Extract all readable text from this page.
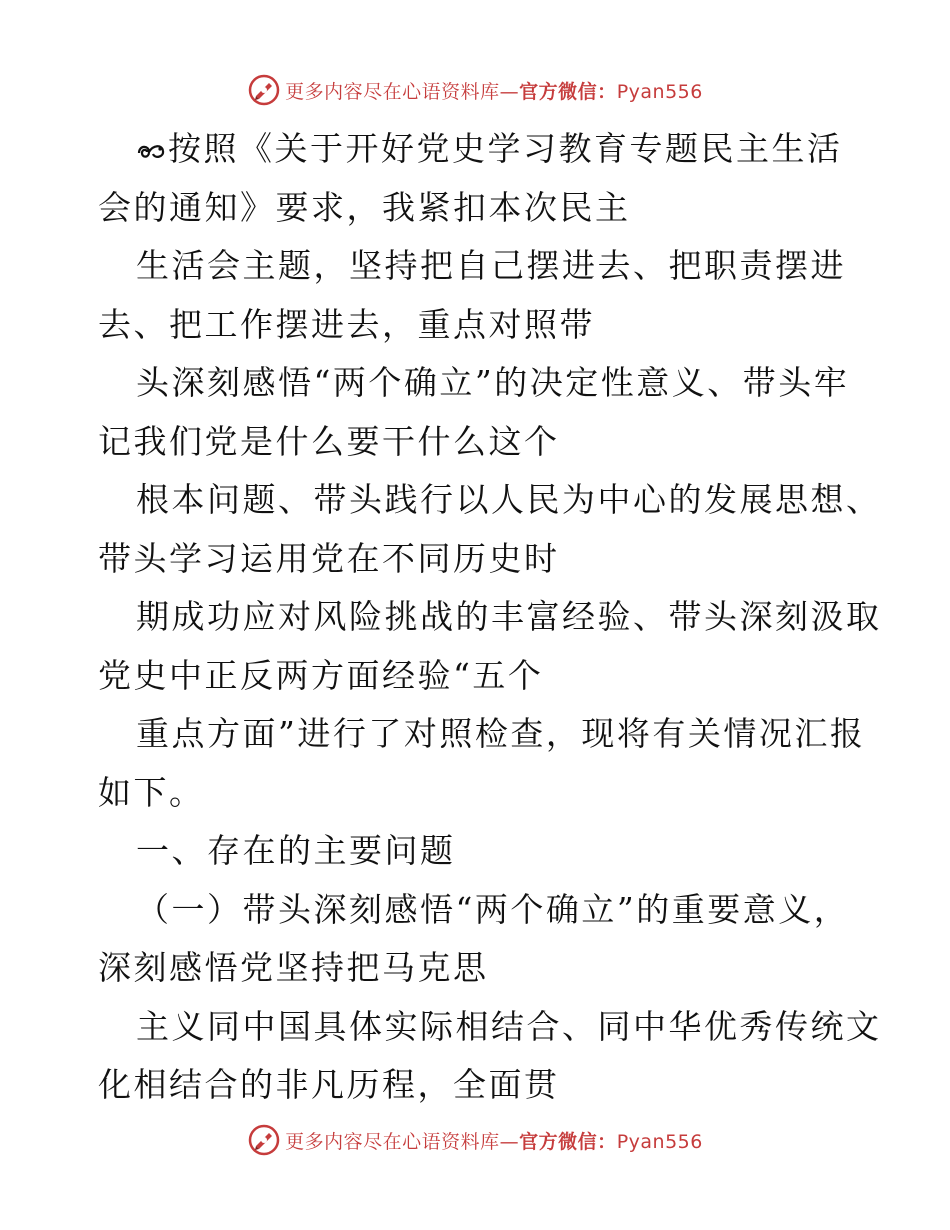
更多内容尽在心语资料库—官方微信：Pyan556
按照《关于开好党史学习教育专题民主生活
会的通知》要求，我紧扣本次民主
生活会主题，坚持把自己摆进去、把职责摆进
去、把工作摆进去，重点对照带
头深刻感悟“两个确立”的决定性意义、带头牢
记我们党是什么要干什么这个
根本问题、带头践行以人民为中心的发展思想、
带头学习运用党在不同历史时
期成功应对风险挑战的丰富经验、带头深刻汲取
党史中正反两方面经验“五个
重点方面”进行了对照检查，现将有关情况汇报
如下。
一、存在的主要问题
（一）带头深刻感悟“两个确立”的重要意义，
深刻感悟党坚持把马克思
主义同中国具体实际相结合、同中华优秀传统文
化相结合的非凡历程，全面贯
更多内容尽在心语资料库—官方微信：Pyan556
